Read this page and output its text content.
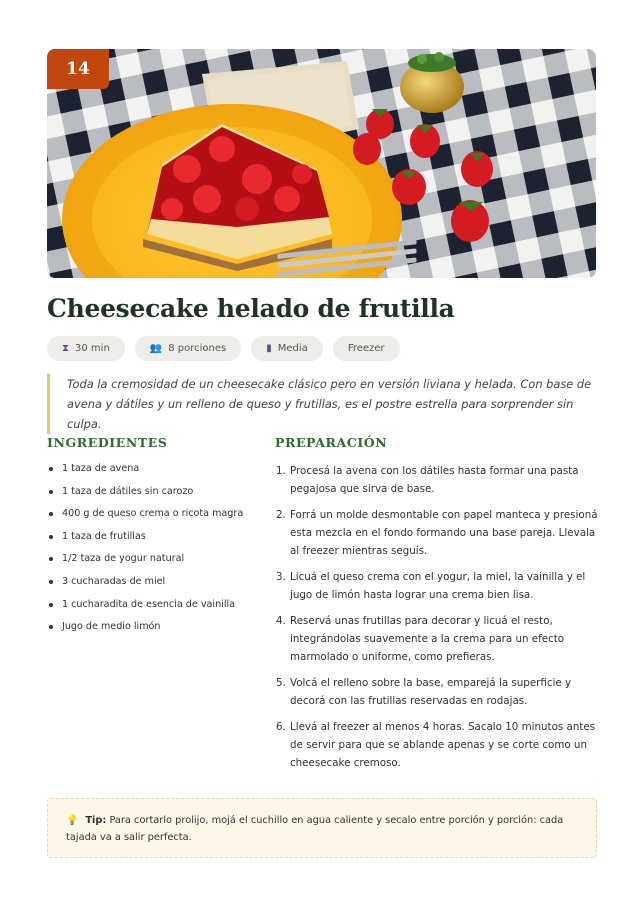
14
Cheesecake helado de frutilla
⧗ 30 min	👥 8 porciones	▮ Media	Freezer

Toda la cremosidad de un cheesecake clásico pero en versión liviana y helada. Con base de avena y dátiles y un relleno de queso y frutillas, es el postre estrella para sorprender sin culpa.

INGREDIENTES	PREPARACIÓN
1 taza de avena
1 taza de dátiles sin carozo
400 g de queso crema o ricota magra
1 taza de frutillas
1/2 taza de yogur natural
3 cucharadas de miel
1 cucharadita de esencia de vainilla
Jugo de medio limón
1. Procesá la avena con los dátiles hasta formar una pasta pegajosa que sirva de base.
2. Forrá un molde desmontable con papel manteca y presioná esta mezcla en el fondo formando una base pareja. Llevala al freezer mientras seguís.
3. Licuá el queso crema con el yogur, la miel, la vainilla y el jugo de limón hasta lograr una crema bien lisa.
4. Reservá unas frutillas para decorar y licuá el resto, integrándolas suavemente a la crema para un efecto marmolado o uniforme, como prefieras.
5. Volcá el relleno sobre la base, emparejá la superficie y decorá con las frutillas reservadas en rodajas.
6. Llevá al freezer al menos 4 horas. Sacalo 10 minutos antes de servir para que se ablande apenas y se corte como un cheesecake cremoso.
💡 Tip: Para cortarlo prolijo, mojá el cuchillo en agua caliente y secalo entre porción y porción: cada tajada va a salir perfecta.
